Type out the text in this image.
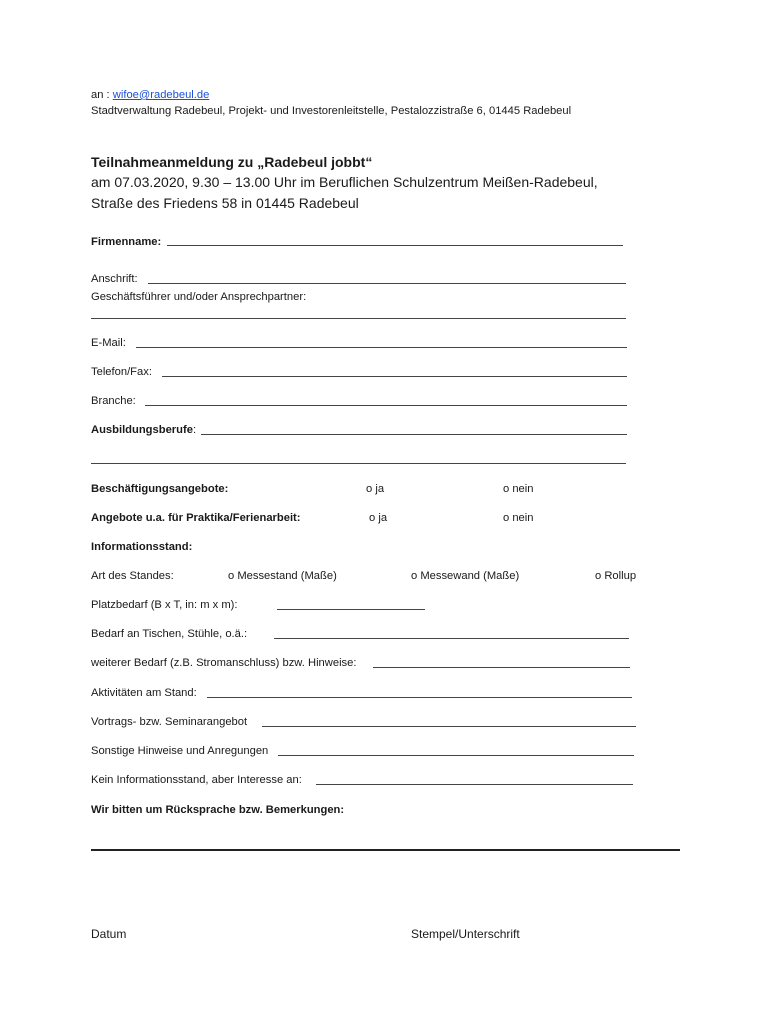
an : wifoe@radebeul.de
Stadtverwaltung Radebeul, Projekt- und Investorenleitstelle, Pestalozzistraße 6, 01445 Radebeul
Teilnahmeanmeldung zu „Radebeul jobbt“
am 07.03.2020, 9.30 – 13.00 Uhr im Beruflichen Schulzentrum Meißen-Radebeul,
Straße des Friedens 58 in 01445 Radebeul
Firmenname:
Anschrift:
Geschäftsführer und/oder Ansprechpartner:
E-Mail:
Telefon/Fax:
Branche:
Ausbildungsberufe:
Beschäftigungsangebote:	o ja	o nein
Angebote u.a. für Praktika/Ferienarbeit:	o ja	o nein
Informationsstand:
Art des Standes:	o Messestand (Maße)	o Messewand (Maße)	o Rollup
Platzbedarf (B x T, in: m x m):
Bedarf an Tischen, Stühle, o.ä.:
weiterer Bedarf (z.B. Stromanschluss) bzw. Hinweise:
Aktivitäten am Stand:
Vortrags- bzw. Seminarangebot
Sonstige Hinweise und Anregungen
Kein Informationsstand, aber Interesse an:
Wir bitten um Rücksprache bzw. Bemerkungen:
Datum	Stempel/Unterschrift
